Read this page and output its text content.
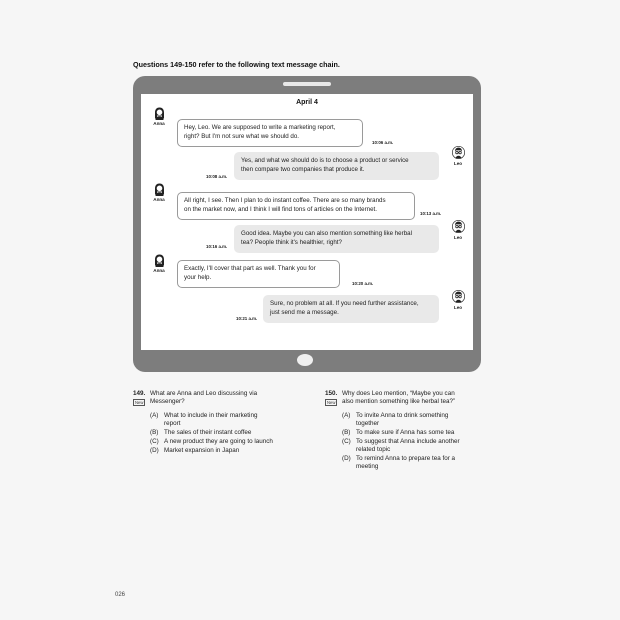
Questions 149-150 refer to the following text message chain.
April 4
Anna
Hey, Leo. We are supposed to write a marketing report,
right? But I'm not sure what we should do.
10:06 a.m.
Leo
Yes, and what we should do is to choose a product or service
then compare two companies that produce it.
10:08 a.m.
Anna	All right, I see. Then I plan to do instant coffee. There are so many brands
on the market now, and I think I will find tons of articles on the Internet.
10:13 a.m.
Leo
Good idea. Maybe you can also mention something like herbal
tea? People think it's healthier, right?
10:16 a.m.
Anna	Exactly, I'll cover that part as well. Thank you for
your help.
10:20 a.m.
Leo
Sure, no problem at all. If you need further assistance,
just send me a message.
10:21 a.m.
149.
New
What are Anna and Leo discussing via
Messenger?
(A) What to include in their marketing
report
(B) The sales of their instant coffee
(C) A new product they are going to launch
(D) Market expansion in Japan
150.
New
Why does Leo mention, “Maybe you can
also mention something like herbal tea?”
(A) To invite Anna to drink something
together
(B) To make sure if Anna has some tea
(C) To suggest that Anna include another
related topic
(D) To remind Anna to prepare tea for a
meeting
026
